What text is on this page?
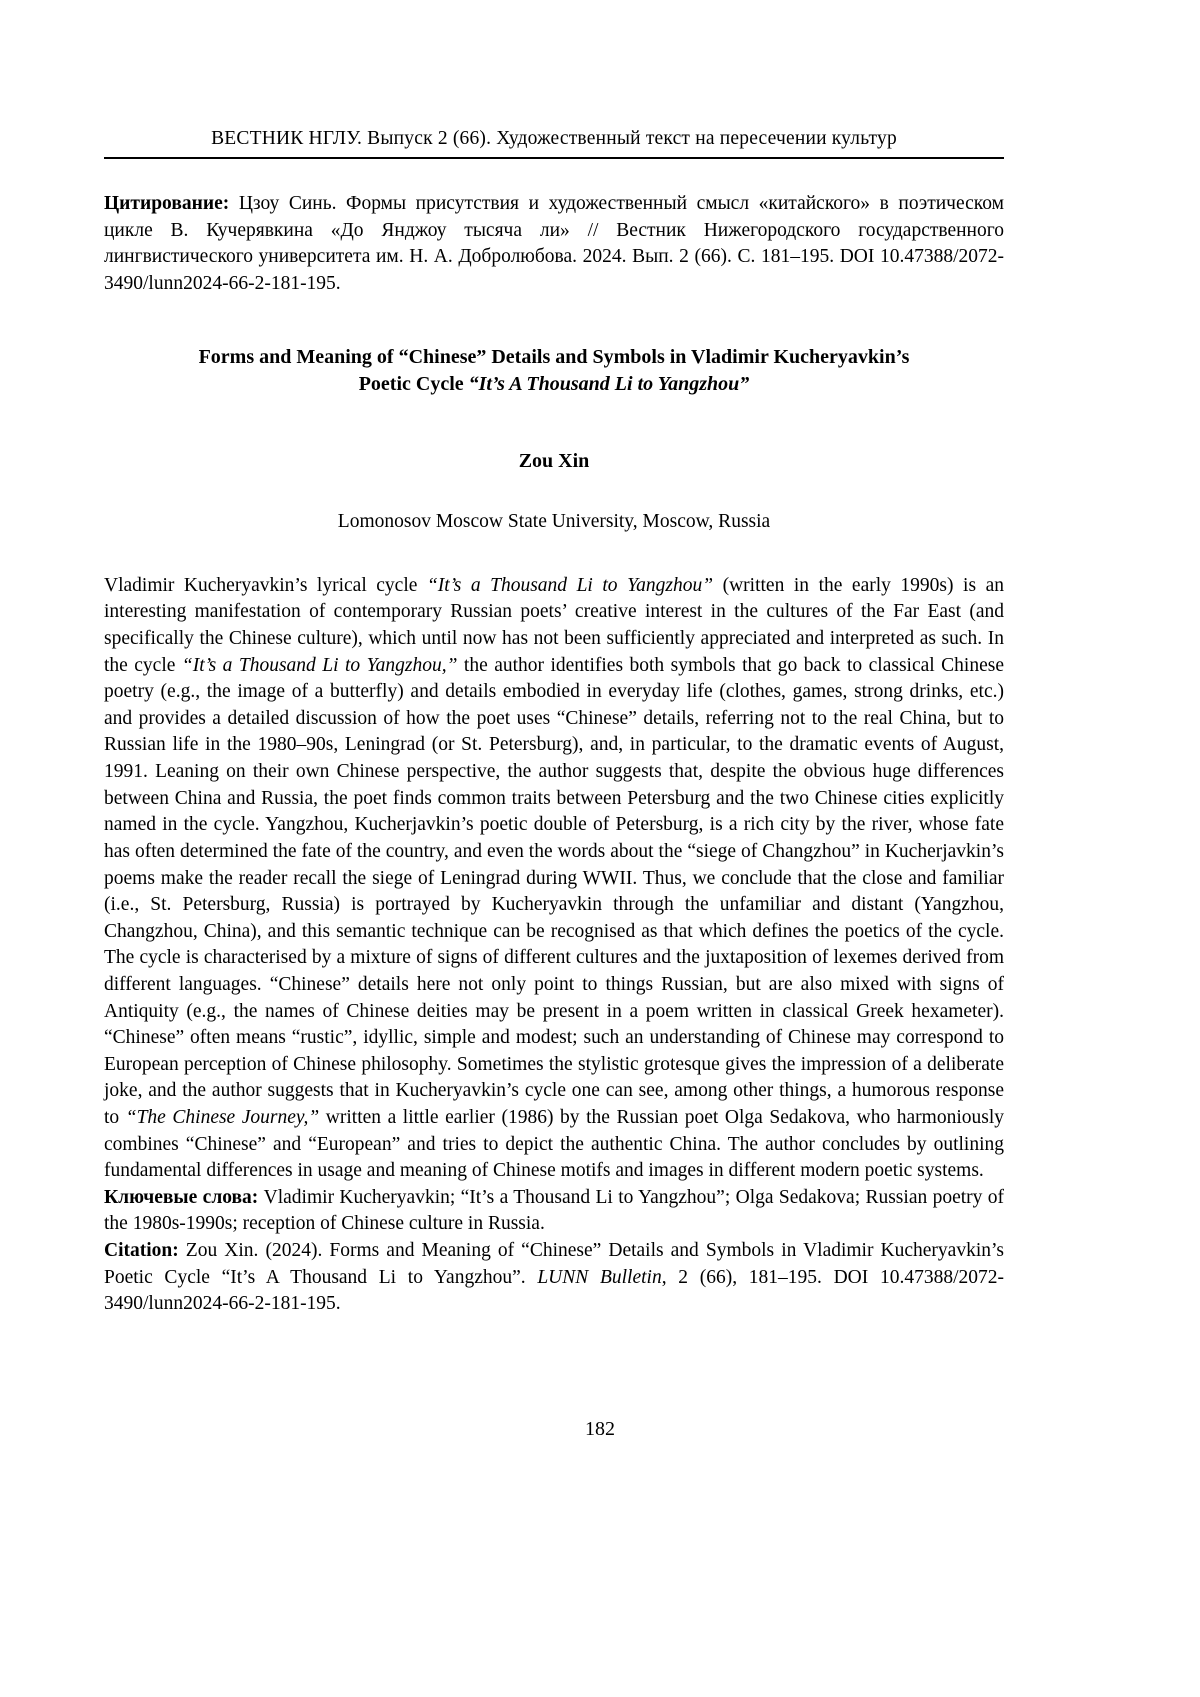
ВЕСТНИК НГЛУ. Выпуск 2 (66). Художественный текст на пересечении культур
Цитирование: Цзоу Синь. Формы присутствия и художественный смысл «китайского» в поэтическом цикле В. Кучерявкина «До Янджоу тысяча ли» // Вестник Нижегородского государственного лингвистического университета им. Н. А. Добролюбова. 2024. Вып. 2 (66). С. 181–195. DOI 10.47388/2072-3490/lunn2024-66-2-181-195.
Forms and Meaning of “Chinese” Details and Symbols in Vladimir Kucheryavkin’s
Poetic Cycle “It’s A Thousand Li to Yangzhou”
Zou Xin
Lomonosov Moscow State University, Moscow, Russia

Vladimir Kucheryavkin’s lyrical cycle “It’s a Thousand Li to Yangzhou” (written in the early 1990s) is an interesting manifestation of contemporary Russian poets’ creative interest in the cultures of the Far East (and specifically the Chinese culture), which until now has not been sufficiently appreciated and interpreted as such. In the cycle “It’s a Thousand Li to Yangzhou,” the author identifies both symbols that go back to classical Chinese poetry (e.g., the image of a butterfly) and details embodied in everyday life (clothes, games, strong drinks, etc.) and provides a detailed discussion of how the poet uses “Chinese” details, referring not to the real China, but to Russian life in the 1980–90s, Leningrad (or St. Petersburg), and, in particular, to the dramatic events of August, 1991. Leaning on their own Chinese perspective, the author suggests that, despite the obvious huge differences between China and Russia, the poet finds common traits between Petersburg and the two Chinese cities explicitly named in the cycle. Yangzhou, Kucherjavkin’s poetic double of Petersburg, is a rich city by the river, whose fate has often determined the fate of the country, and even the words about the “siege of Changzhou” in Kucherjavkin’s poems make the reader recall the siege of Leningrad during WWII. Thus, we conclude that the close and familiar (i.e., St. Petersburg, Russia) is portrayed by Kucheryavkin through the unfamiliar and distant (Yangzhou, Changzhou, China), and this semantic technique can be recognised as that which defines the poetics of the cycle. The cycle is characterised by a mixture of signs of different cultures and the juxtaposition of lexemes derived from different languages. “Chinese” details here not only point to things Russian, but are also mixed with signs of Antiquity (e.g., the names of Chinese deities may be present in a poem written in classical Greek hexameter). “Chinese” often means “rustic”, idyllic, simple and modest; such an understanding of Chinese may correspond to European perception of Chinese philosophy. Sometimes the stylistic grotesque gives the impression of a deliberate joke, and the author suggests that in Kucheryavkin’s cycle one can see, among other things, a humorous response to “The Chinese Journey,” written a little earlier (1986) by the Russian poet Olga Sedakova, who harmoniously combines “Chinese” and “European” and tries to depict the authentic China. The author concludes by outlining fundamental differences in usage and meaning of Chinese motifs and images in different modern poetic systems.

Ключевые слова: Vladimir Kucheryavkin; “It’s a Thousand Li to Yangzhou”; Olga Sedakova; Russian poetry of the 1980s-1990s; reception of Chinese culture in Russia.

Citation: Zou Xin. (2024). Forms and Meaning of “Chinese” Details and Symbols in Vladimir Kucheryavkin’s Poetic Cycle “It’s A Thousand Li to Yangzhou”. LUNN Bulletin, 2 (66), 181–195. DOI 10.47388/2072-3490/lunn2024-66-2-181-195.

182
